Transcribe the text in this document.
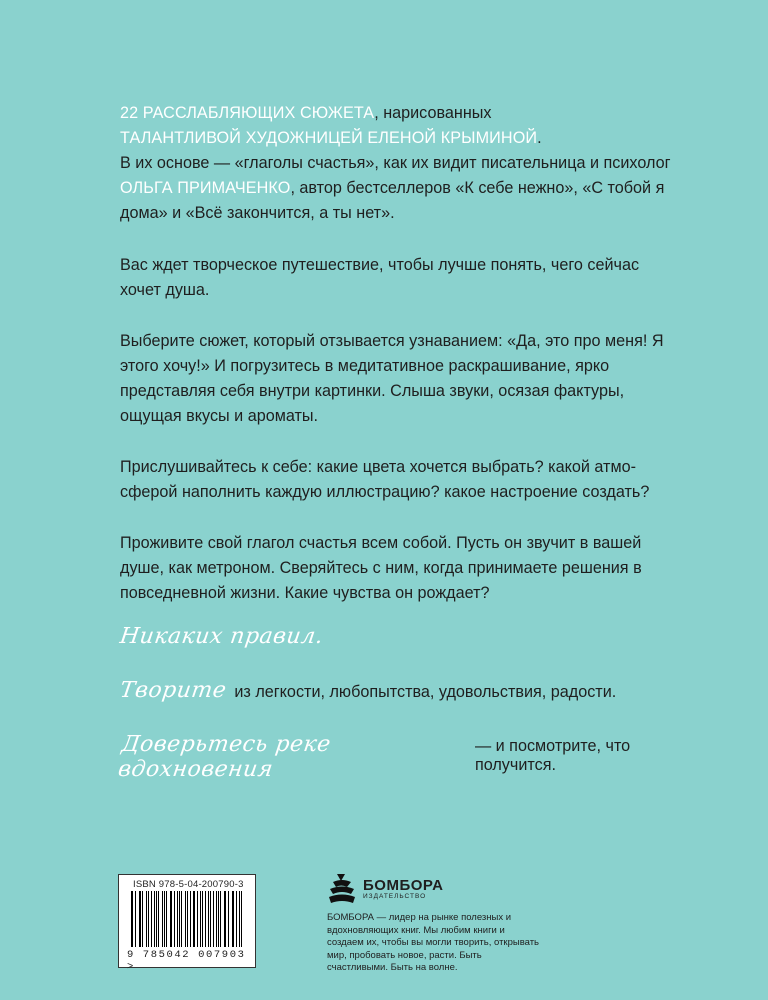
22 РАССЛАБЛЯЮЩИХ СЮЖЕТА, нарисованных
ТАЛАНТЛИВОЙ ХУДОЖНИЦЕЙ ЕЛЕНОЙ КРЫМИНОЙ.
В их основе — «глаголы счастья», как их видит писательница и психолог ОЛЬГА ПРИМАЧЕНКО, автор бестселлеров «К себе нежно», «С тобой я дома» и «Всё закончится, а ты нет».

Вас ждет творческое путешествие, чтобы лучше понять, чего сейчас хочет душа.

Выберите сюжет, который отзывается узнаванием: «Да, это про меня! Я этого хочу!» И погрузитесь в медитативное раскрашивание, ярко представляя себя внутри картинки. Слыша звуки, осязая фактуры, ощущая вкусы и ароматы.

Прислушивайтесь к себе: какие цвета хочется выбрать? какой атмо-сферой наполнить каждую иллюстрацию? какое настроение создать?

Проживите свой глагол счастья всем собой. Пусть он звучит в вашей душе, как метроном. Сверяйтесь с ним, когда принимаете решения в повседневной жизни. Какие чувства он рождает?

Никаких правил.
Творите из легкости, любопытства, удовольствия, радости.
Доверьтесь реке вдохновения
— и посмотрите, что получится.
ISBN 978-5-04-200790-3
9 785042 007903 >
БОМБОРА
ИЗДАТЕЛЬСТВО
БОМБОРА — лидер на рынке полезных и вдохновляющих книг. Мы любим книги и создаем их, чтобы вы могли творить, открывать мир, пробовать новое, расти. Быть счастливыми. Быть на волне.
